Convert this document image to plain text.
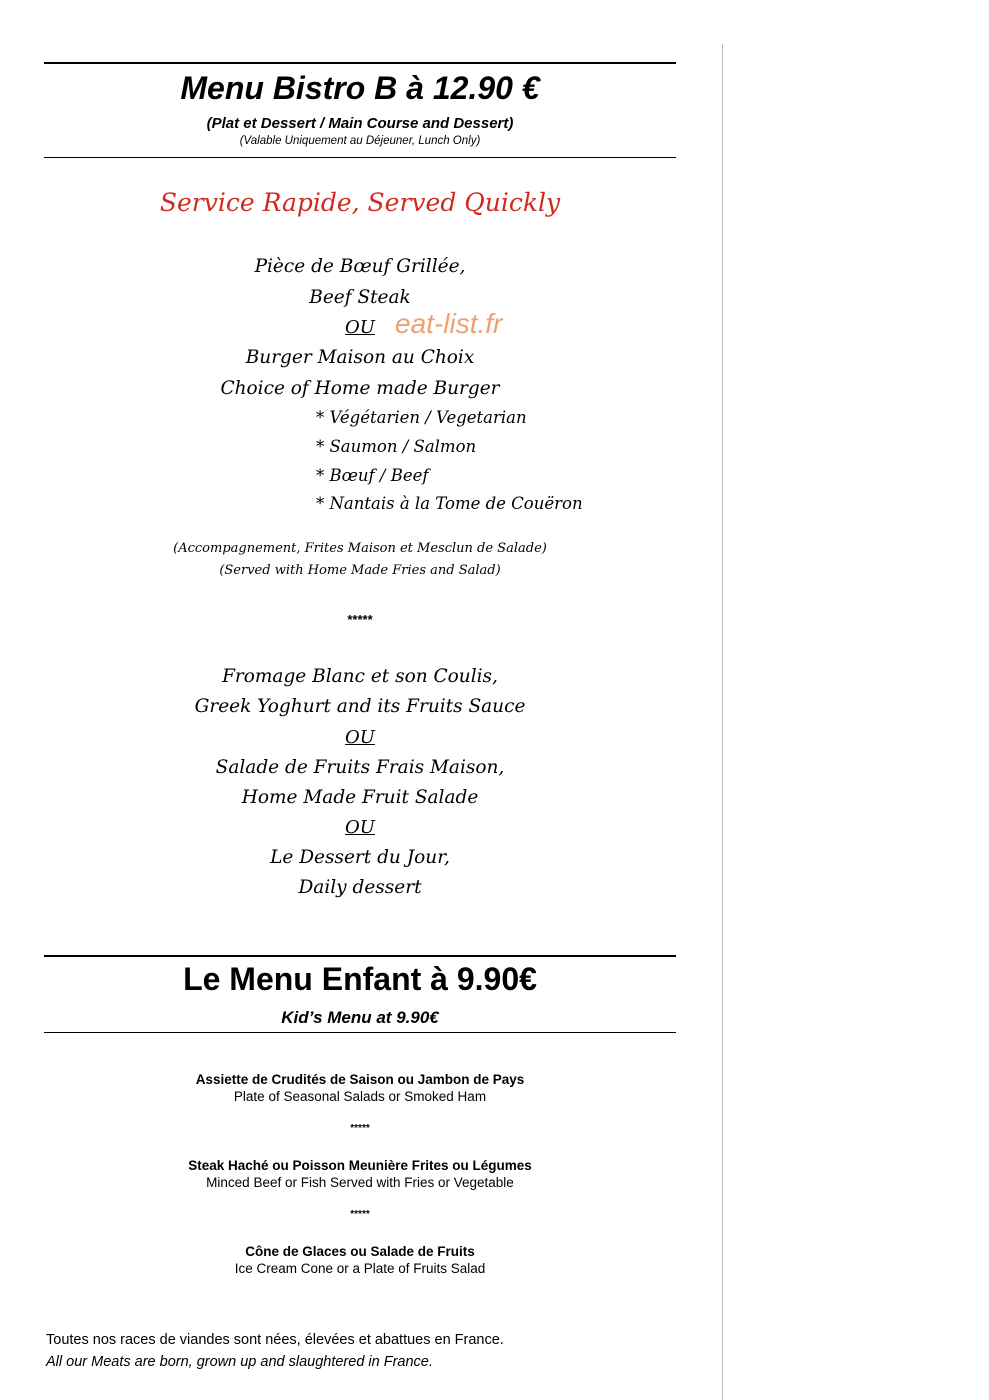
Menu Bistro B à 12.90 €
(Plat et Dessert / Main Course and Dessert)
(Valable Uniquement au Déjeuner, Lunch Only)
Service Rapide, Served Quickly
Pièce de Bœuf Grillée,
Beef Steak
OU eat-list.fr
Burger Maison au Choix
Choice of Home made Burger
* Végétarien / Vegetarian
* Saumon / Salmon
* Bœuf / Beef
* Nantais à la Tome de Couëron
(Accompagnement, Frites Maison et Mesclun de Salade)
(Served with Home Made Fries and Salad)
*****
Fromage Blanc et son Coulis,
Greek Yoghurt and its Fruits Sauce
OU
Salade de Fruits Frais Maison,
Home Made Fruit Salade
OU
Le Dessert du Jour,
Daily dessert
Le Menu Enfant à 9.90€
Kid’s Menu at 9.90€
Assiette de Crudités de Saison ou Jambon de Pays
Plate of Seasonal Salads or Smoked Ham
*****
Steak Haché ou Poisson Meunière Frites ou Légumes
Minced Beef or Fish Served with Fries or Vegetable
*****
Cône de Glaces ou Salade de Fruits
Ice Cream Cone or a Plate of Fruits Salad
Toutes nos races de viandes sont nées, élevées et abattues en France.
All our Meats are born, grown up and slaughtered in France.
